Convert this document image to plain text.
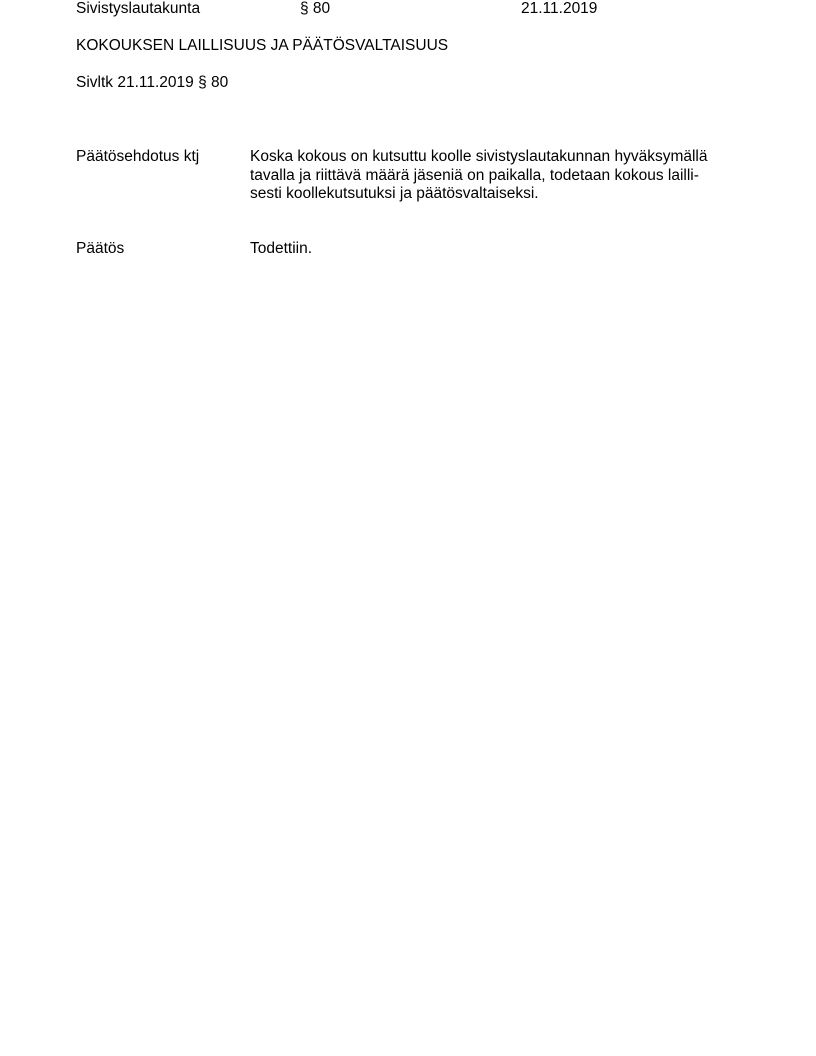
Sivistyslautakunta	§ 80	21.11.2019
KOKOUKSEN LAILLISUUS JA PÄÄTÖSVALTAISUUS
Sivltk 21.11.2019 § 80
Päätösehdotus ktj	Koska kokous on kutsuttu koolle sivistyslautakunnan hyväksymällä
tavalla ja riittävä määrä jäseniä on paikalla, todetaan kokous lailli-
sesti koollekutsutuksi ja päätösvaltaiseksi.
Päätös	Todettiin.
